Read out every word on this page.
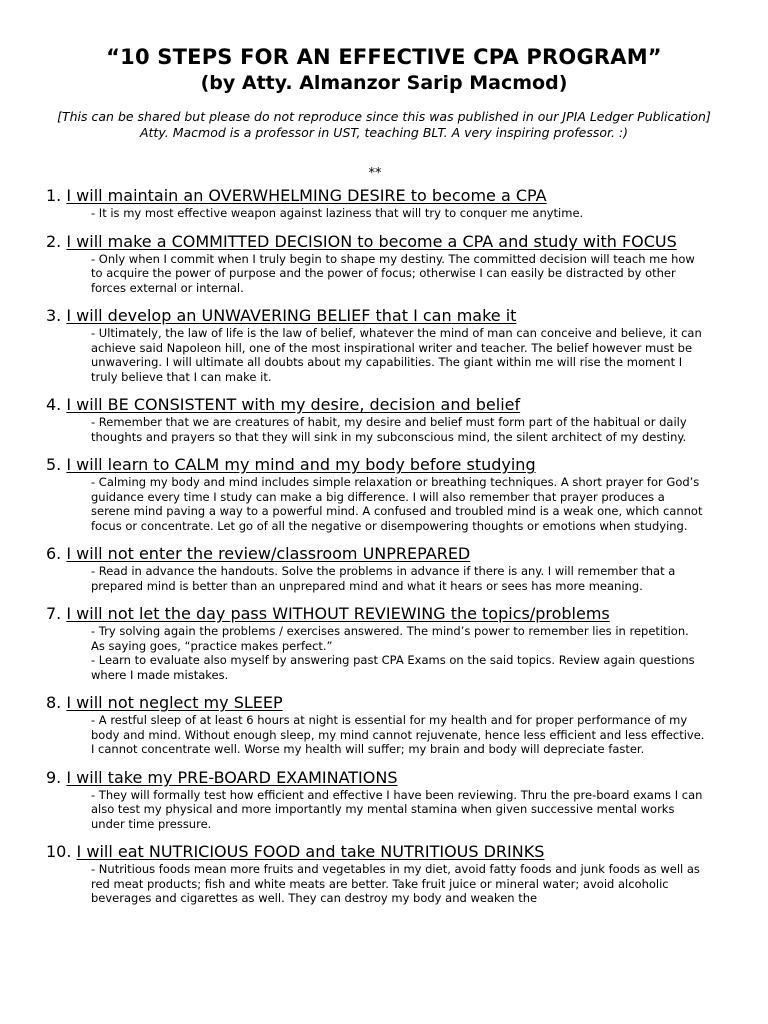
“10 STEPS FOR AN EFFECTIVE CPA PROGRAM”
(by Atty. Almanzor Sarip Macmod)
[This can be shared but please do not reproduce since this was published in our JPIA Ledger Publication]
Atty. Macmod is a professor in UST, teaching BLT. A very inspiring professor. :)
**
1. I will maintain an OVERWHELMING DESIRE to become a CPA

- It is my most effective weapon against laziness that will try to conquer me anytime.

2. I will make a COMMITTED DECISION to become a CPA and study with FOCUS

- Only when I commit when I truly begin to shape my destiny. The committed decision will teach me how to acquire the power of purpose and the power of focus; otherwise I can easily be distracted by other forces external or internal.

3. I will develop an UNWAVERING BELIEF that I can make it

- Ultimately, the law of life is the law of belief, whatever the mind of man can conceive and believe, it can achieve said Napoleon hill, one of the most inspirational writer and teacher. The belief however must be unwavering. I will ultimate all doubts about my capabilities. The giant within me will rise the moment I truly believe that I can make it.

4. I will BE CONSISTENT with my desire, decision and belief

- Remember that we are creatures of habit, my desire and belief must form part of the habitual or daily thoughts and prayers so that they will sink in my subconscious mind, the silent architect of my destiny.

5. I will learn to CALM my mind and my body before studying

- Calming my body and mind includes simple relaxation or breathing techniques. A short prayer for God’s guidance every time I study can make a big difference. I will also remember that prayer produces a serene mind paving a way to a powerful mind. A confused and troubled mind is a weak one, which cannot focus or concentrate. Let go of all the negative or disempowering thoughts or emotions when studying.

6. I will not enter the review/classroom UNPREPARED

- Read in advance the handouts. Solve the problems in advance if there is any. I will remember that a prepared mind is better than an unprepared mind and what it hears or sees has more meaning.

7. I will not let the day pass WITHOUT REVIEWING the topics/problems

- Try solving again the problems / exercises answered. The mind’s power to remember lies in repetition. As saying goes, “practice makes perfect.”

- Learn to evaluate also myself by answering past CPA Exams on the said topics. Review again questions where I made mistakes.

8. I will not neglect my SLEEP

- A restful sleep of at least 6 hours at night is essential for my health and for proper performance of my body and mind. Without enough sleep, my mind cannot rejuvenate, hence less efficient and less effective. I cannot concentrate well. Worse my health will suffer; my brain and body will depreciate faster.

9. I will take my PRE-BOARD EXAMINATIONS

- They will formally test how efficient and effective I have been reviewing. Thru the pre-board exams I can also test my physical and more importantly my mental stamina when given successive mental works under time pressure.

10. I will eat NUTRICIOUS FOOD and take NUTRITIOUS DRINKS

- Nutritious foods mean more fruits and vegetables in my diet, avoid fatty foods and junk foods as well as red meat products; fish and white meats are better. Take fruit juice or mineral water; avoid alcoholic beverages and cigarettes as well. They can destroy my body and weaken the
